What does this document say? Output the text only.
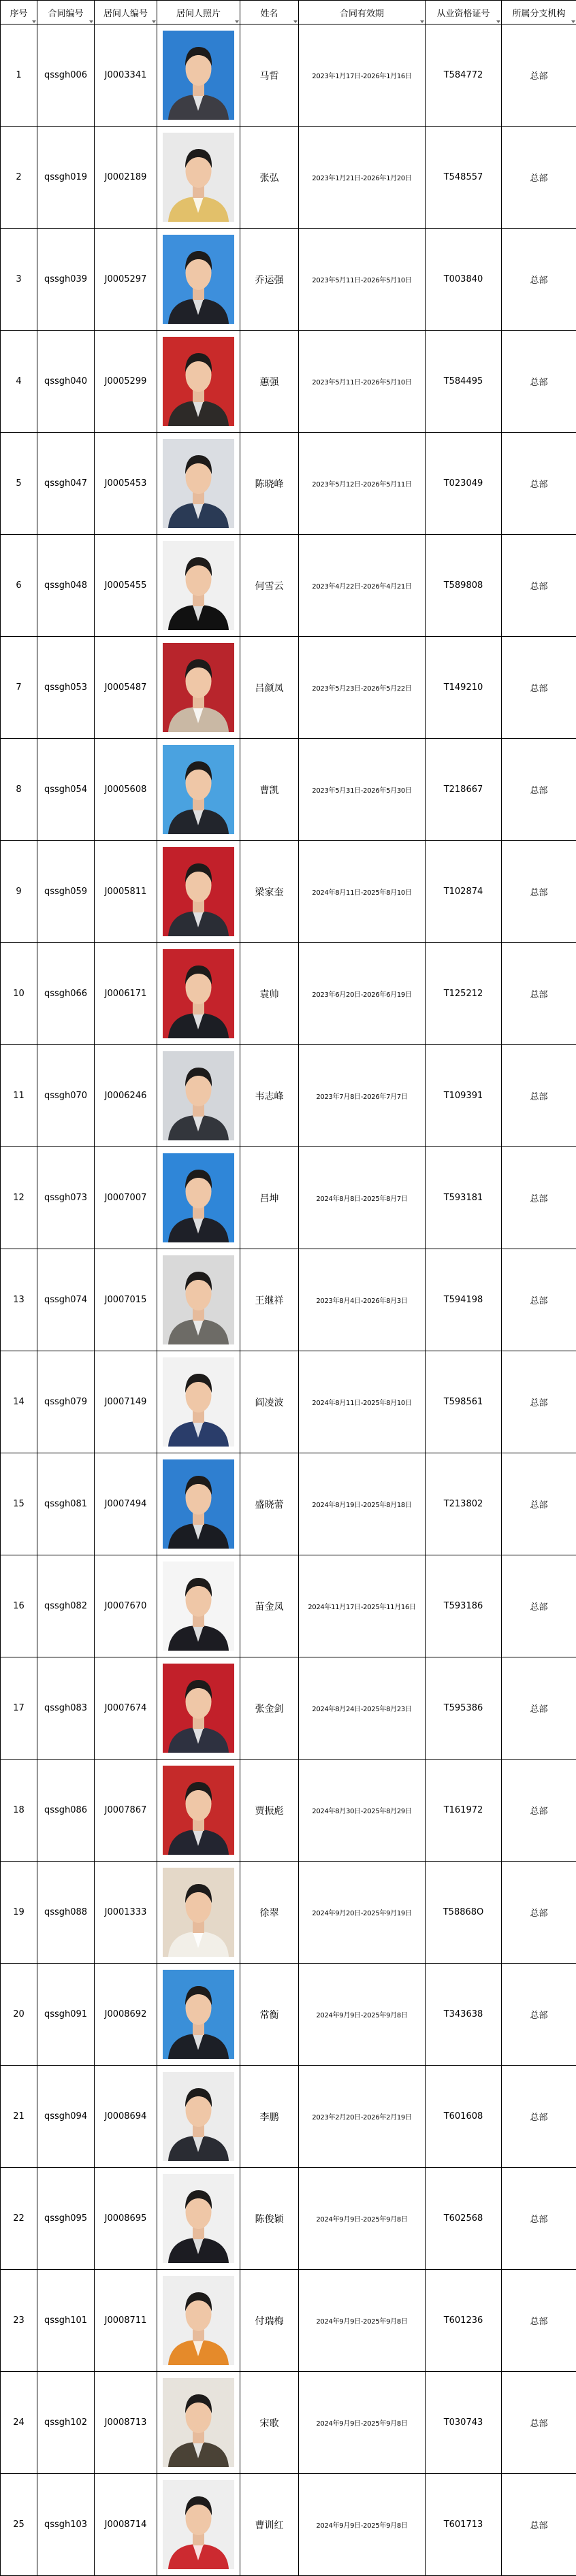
序号	合同编号	居间人编号	居间人照片	姓名	合同有效期	从业资格证号	所属分支机构

1	qssgh006	J0003341		马哲	2023年1月17日-2026年1月16日	T584772	总部
2	qssgh019	J0002189		张弘	2023年1月21日-2026年1月20日	T548557	总部
3	qssgh039	J0005297		乔运强	2023年5月11日-2026年5月10日	T003840	总部
4	qssgh040	J0005299		蕙强	2023年5月11日-2026年5月10日	T584495	总部
5	qssgh047	J0005453		陈晓峰	2023年5月12日-2026年5月11日	T023049	总部
6	qssgh048	J0005455		何雪云	2023年4月22日-2026年4月21日	T589808	总部
7	qssgh053	J0005487		吕颜凤	2023年5月23日-2026年5月22日	T149210	总部
8	qssgh054	J0005608		曹凯	2023年5月31日-2026年5月30日	T218667	总部
9	qssgh059	J0005811		梁家奎	2024年8月11日-2025年8月10日	T102874	总部
10	qssgh066	J0006171		袁帅	2023年6月20日-2026年6月19日	T125212	总部
11	qssgh070	J0006246		韦志峰	2023年7月8日-2026年7月7日	T109391	总部
12	qssgh073	J0007007		吕坤	2024年8月8日-2025年8月7日	T593181	总部
13	qssgh074	J0007015		王继祥	2023年8月4日-2026年8月3日	T594198	总部
14	qssgh079	J0007149		阎凌波	2024年8月11日-2025年8月10日	T598561	总部
15	qssgh081	J0007494		盛晓蕾	2024年8月19日-2025年8月18日	T213802	总部
16	qssgh082	J0007670		苗金凤	2024年11月17日-2025年11月16日	T593186	总部
17	qssgh083	J0007674		张金剑	2024年8月24日-2025年8月23日	T595386	总部
18	qssgh086	J0007867		贾振彪	2024年8月30日-2025年8月29日	T161972	总部
19	qssgh088	J0001333		徐翠	2024年9月20日-2025年9月19日	T58868O	总部
20	qssgh091	J0008692		常衡	2024年9月9日-2025年9月8日	T343638	总部
21	qssgh094	J0008694		李鹏	2023年2月20日-2026年2月19日	T601608	总部
22	qssgh095	J0008695		陈俊颖	2024年9月9日-2025年9月8日	T602568	总部
23	qssgh101	J0008711		付瑞梅	2024年9月9日-2025年9月8日	T601236	总部
24	qssgh102	J0008713		宋歌	2024年9月9日-2025年9月8日	T030743	总部
25	qssgh103	J0008714		曹训红	2024年9月9日-2025年9月8日	T601713	总部
